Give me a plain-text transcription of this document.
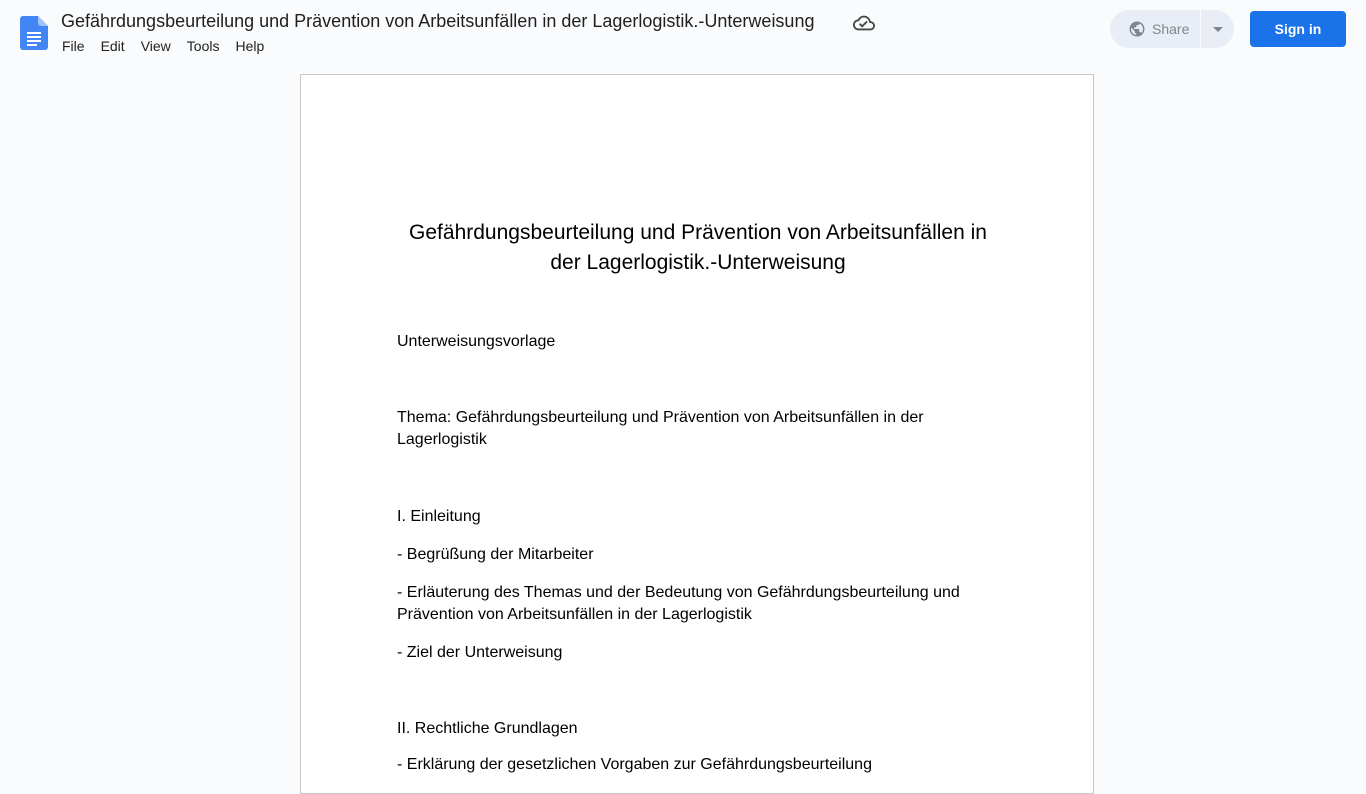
Gefährdungsbeurteilung und Prävention von Arbeitsunfällen in der Lagerlogistik.-Unterweisung
File	Edit	View	Tools	Help
Share	Sign in
Gefährdungsbeurteilung und Prävention von Arbeitsunfällen in der Lagerlogistik.-Unterweisung

Unterweisungsvorlage

Thema: Gefährdungsbeurteilung und Prävention von Arbeitsunfällen in der Lagerlogistik

I. Einleitung

- Begrüßung der Mitarbeiter

- Erläuterung des Themas und der Bedeutung von Gefährdungsbeurteilung und Prävention von Arbeitsunfällen in der Lagerlogistik

- Ziel der Unterweisung

II. Rechtliche Grundlagen

- Erklärung der gesetzlichen Vorgaben zur Gefährdungsbeurteilung
